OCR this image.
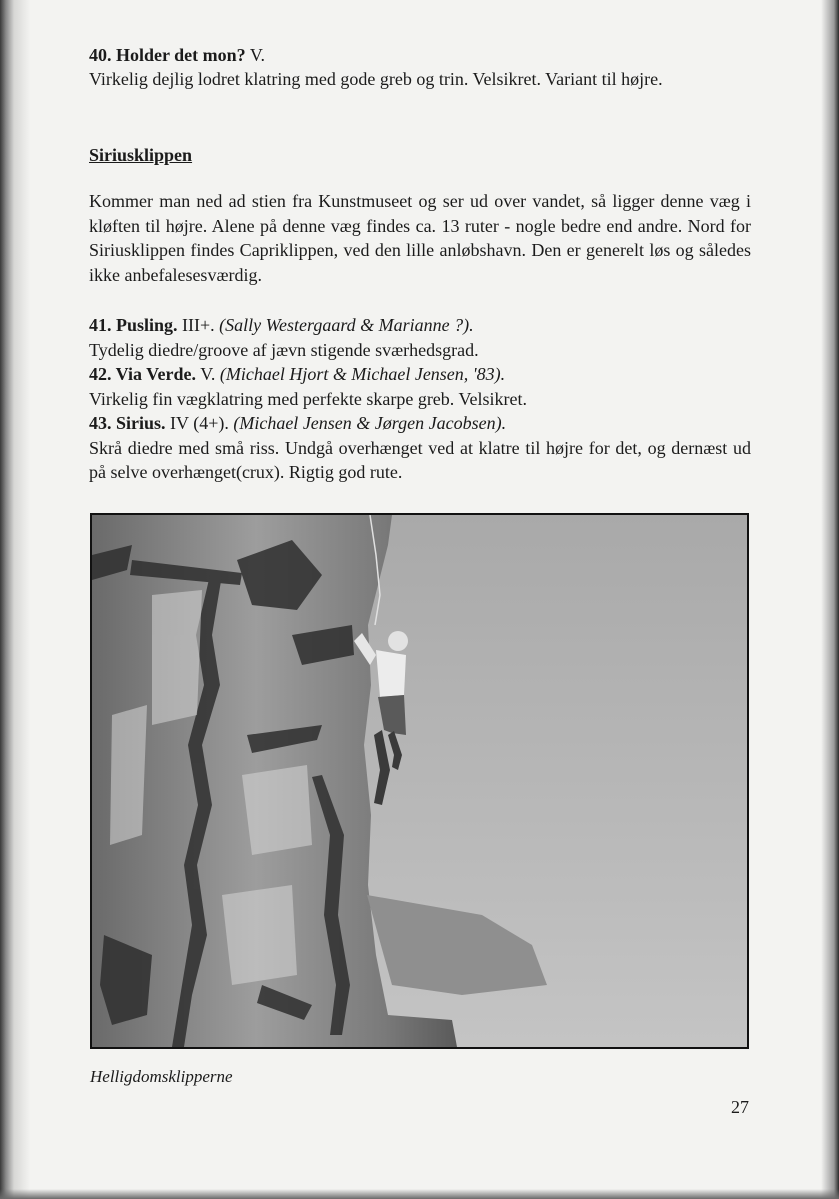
40. Holder det mon? V.

Virkelig dejlig lodret klatring med gode greb og trin. Velsikret. Variant til højre.

Siriusklippen

Kommer man ned ad stien fra Kunstmuseet og ser ud over vandet, så ligger denne væg i kløften til højre. Alene på denne væg findes ca. 13 ruter - nogle bedre end andre. Nord for Siriusklippen findes Capriklippen, ved den lille anløbshavn. Den er generelt løs og således ikke anbefalesesværdig.

41. Pusling. III+. (Sally Westergaard & Marianne ?).

Tydelig diedre/groove af jævn stigende sværhedsgrad.

42. Via Verde. V. (Michael Hjort & Michael Jensen, '83).

Virkelig fin vægklatring med perfekte skarpe greb. Velsikret.

43. Sirius. IV (4+). (Michael Jensen & Jørgen Jacobsen).

Skrå diedre med små riss. Undgå overhænget ved at klatre til højre for det, og dernæst ud på selve overhænget(crux). Rigtig god rute.

Helligdomsklipperne
27
